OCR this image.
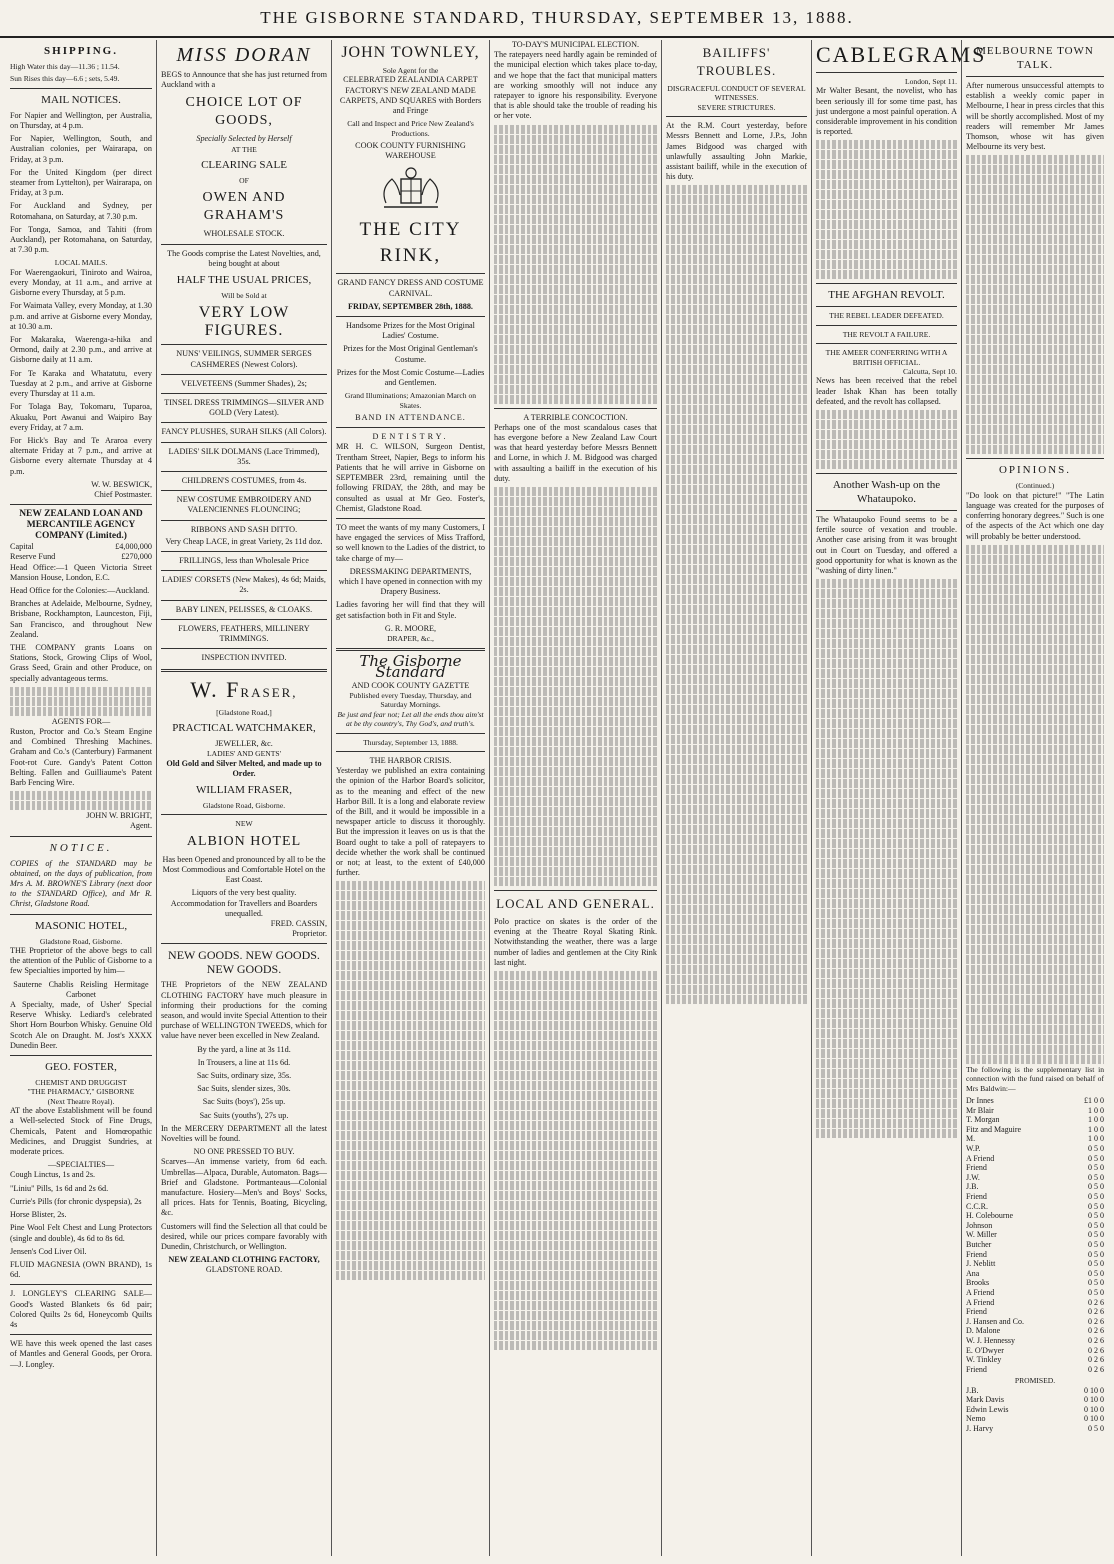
THE GISBORNE STANDARD, THURSDAY, SEPTEMBER 13, 1888.
SHIPPING.

High Water this day—11.36 ; 11.54.

Sun Rises this day—6.6 ; sets, 5.49.

MAIL NOTICES.

For Napier and Wellington, per Australia, on Thursday, at 4 p.m.

For Napier, Wellington, South, and Australian colonies, per Wairarapa, on Friday, at 3 p.m.

For the United Kingdom (per direct steamer from Lyttelton), per Wairarapa, on Friday, at 3 p.m.

For Auckland and Sydney, per Rotomahana, on Saturday, at 7.30 p.m.

For Tonga, Samoa, and Tahiti (from Auckland), per Rotomahana, on Saturday, at 7.30 p.m.

LOCAL MAILS.

For Waerengaokuri, Tiniroto and Wairoa, every Monday, at 11 a.m., and arrive at Gisborne every Thursday, at 5 p.m.

For Waimata Valley, every Monday, at 1.30 p.m. and arrive at Gisborne every Monday, at 10.30 a.m.

For Makaraka, Waerenga-a-hika and Ormond, daily at 2.30 p.m., and arrive at Gisborne daily at 11 a.m.

For Te Karaka and Whatatutu, every Tuesday at 2 p.m., and arrive at Gisborne every Thursday at 11 a.m.

For Tolaga Bay, Tokomaru, Tuparoa, Akuaku, Port Awanui and Waipiro Bay every Friday, at 7 a.m.

For Hick's Bay and Te Araroa every alternate Friday at 7 p.m., and arrive at Gisborne every alternate Thursday at 4 p.m.

W. W. BESWICK,
Chief Postmaster.
NEW ZEALAND LOAN AND MERCANTILE AGENCY COMPANY (Limited.)
Capital	£4,000,000
Reserve Fund	£270,000

Head Office:—1 Queen Victoria Street Mansion House, London, E.C.

Head Office for the Colonies:—Auckland.

Branches at Adelaide, Melbourne, Sydney, Brisbane, Rockhampton, Launceston, Fiji, San Francisco, and throughout New Zealand.

THE COMPANY grants Loans on Stations, Stock, Growing Clips of Wool, Grass Seed, Grain and other Produce, on specially advantageous terms.

AGENTS FOR—

Ruston, Proctor and Co.'s Steam Engine and Combined Threshing Machines. Graham and Co.'s (Canterbury) Farmanent Foot-rot Cure. Gandy's Patent Cotton Belting. Fallen and Guilliaume's Patent Barb Fencing Wire.

JOHN W. BRIGHT,
Agent.
NOTICE.

COPIES of the STANDARD may be obtained, on the days of publication, from Mrs A. M. BROWNE'S Library (next door to the STANDARD Office), and Mr R. Christ, Gladstone Road.

MASONIC HOTEL,
Gladstone Road, Gisborne.

THE Proprietor of the above begs to call the attention of the Public of Gisborne to a few Specialties imported by him—

Sauterne Chablis Reisling Hermitage
Carbonet

A Specialty, made, of Usher' Special Reserve Whisky. Lediard's celebrated Short Horn Bourbon Whisky. Genuine Old Scotch Ale on Draught. M. Jost's XXXX Dunedin Beer.

GEO. FOSTER,
CHEMIST AND DRUGGIST
"THE PHARMACY," GISBORNE
(Next Theatre Royal).

AT the above Establishment will be found a Well-selected Stock of Fine Drugs, Chemicals, Patent and Homœopathic Medicines, and Druggist Sundries, at moderate prices.

—SPECIALTIES—

Cough Linctus, 1s and 2s.

"Liniu" Pills, 1s 6d and 2s 6d.

Currie's Pills (for chronic dyspepsia), 2s

Horse Blister, 2s.

Pine Wool Felt Chest and Lung Protectors (single and double), 4s 6d to 8s 6d.

Jensen's Cod Liver Oil.

FLUID MAGNESIA (OWN BRAND), 1s 6d.

J. LONGLEY'S CLEARING SALE—Good's Wasted Blankets 6s 6d pair; Colored Quilts 2s 6d, Honeycomb Quilts 4s

WE have this week opened the last cases of Mantles and General Goods, per Orora.—J. Longley.

MISS DORAN

BEGS to Announce that she has just returned from Auckland with a

CHOICE LOT OF GOODS,
Specially Selected by Herself
AT THE
CLEARING SALE
OF
OWEN AND GRAHAM'S
WHOLESALE STOCK.

The Goods comprise the Latest Novelties, and, being bought at about

HALF THE USUAL PRICES,
Will be Sold at
VERY LOW FIGURES.
NUNS' VEILINGS, SUMMER SERGES CASHMERES (Newest Colors).
VELVETEENS (Summer Shades), 2s;
TINSEL DRESS TRIMMINGS—SILVER AND GOLD (Very Latest).
FANCY PLUSHES, SURAH SILKS (All Colors).
LADIES' SILK DOLMANS (Lace Trimmed), 35s.
CHILDREN'S COSTUMES, from 4s.
NEW COSTUME EMBROIDERY AND VALENCIENNES FLOUNCING;
RIBBONS AND SASH DITTO.
Very Cheap LACE, in great Variety, 2s 11d doz.
FRILLINGS, less than Wholesale Price
LADIES' CORSETS (New Makes), 4s 6d; Maids, 2s.
BABY LINEN, PELISSES, & CLOAKS.
FLOWERS, FEATHERS, MILLINERY TRIMMINGS.
INSPECTION INVITED.
W. FRASER,
[Gladstone Road,]
PRACTICAL WATCHMAKER,
JEWELLER, &c.
LADIES' AND GENTS'
Old Gold and Silver Melted, and made up to Order.
WILLIAM FRASER,
Gladstone Road, Gisborne.
NEW
ALBION HOTEL

Has been Opened and pronounced by all to be the Most Commodious and Comfortable Hotel on the East Coast.

Liquors of the very best quality.
Accommodation for Travellers and Boarders unequalled.
FRED. CASSIN,
Proprietor.
NEW GOODS. NEW GOODS. NEW GOODS.

THE Proprietors of the NEW ZEALAND CLOTHING FACTORY have much pleasure in informing their productions for the coming season, and would invite Special Attention to their purchase of WELLINGTON TWEEDS, which for value have never been excelled in New Zealand.

By the yard, a line at 3s 11d.

In Trousers, a line at 11s 6d.

Sac Suits, ordinary size, 35s.

Sac Suits, slender sizes, 30s.

Sac Suits (boys'), 25s up.

Sac Suits (youths'), 27s up.

In the MERCERY DEPARTMENT all the latest Novelties will be found.

NO ONE PRESSED TO BUY.

Scarves—An immense variety, from 6d each. Umbrellas—Alpaca, Durable, Automaton. Bags—Brief and Gladstone. Portmanteaus—Colonial manufacture. Hosiery—Men's and Boys' Socks, all prices. Hats for Tennis, Boating, Bicycling, &c.

Customers will find the Selection all that could be desired, while our prices compare favorably with Dunedin, Christchurch, or Wellington.

NEW ZEALAND CLOTHING FACTORY,
GLADSTONE ROAD.
JOHN TOWNLEY,
Sole Agent for the

CELEBRATED ZEALANDIA CARPET FACTORY'S NEW ZEALAND MADE CARPETS, AND SQUARES with Borders and Fringe

Call and Inspect and Price New Zealand's Productions.

COOK COUNTY FURNISHING WAREHOUSE
THE CITY RINK,

GRAND FANCY DRESS AND COSTUME CARNIVAL.

FRIDAY, SEPTEMBER 28th, 1888.

Handsome Prizes for the Most Original Ladies' Costume.

Prizes for the Most Original Gentleman's Costume.

Prizes for the Most Comic Costume—Ladies and Gentlemen.

Grand Illuminations; Amazonian March on Skates.

BAND IN ATTENDANCE.
DENTISTRY.

MR H. C. WILSON, Surgeon Dentist, Trentham Street, Napier, Begs to inform his Patients that he will arrive in Gisborne on SEPTEMBER 23rd, remaining until the following FRIDAY, the 28th, and may be consulted as usual at Mr Geo. Foster's, Chemist, Gladstone Road.

TO meet the wants of my many Customers, I have engaged the services of Miss Trafford, so well known to the Ladies of the district, to take charge of my—

DRESSMAKING DEPARTMENTS,

which I have opened in connection with my Drapery Business.

Ladies favoring her will find that they will get satisfaction both in Fit and Style.

G. R. MOORE,
DRAPER, &c.,
The Gisborne Standard
AND COOK COUNTY GAZETTE
Published every Tuesday, Thursday, and Saturday Mornings.
Be just and fear not; Let all the ends thou aim'st at be thy country's, Thy God's, and truth's.
Thursday, September 13, 1888.
THE HARBOR CRISIS.

Yesterday we published an extra containing the opinion of the Harbor Board's solicitor, as to the meaning and effect of the new Harbor Bill. It is a long and elaborate review of the Bill, and it would be impossible in a newspaper article to discuss it thoroughly. But the impression it leaves on us is that the Board ought to take a poll of ratepayers to decide whether the work shall be continued or not; at least, to the extent of £40,000 further.

TO-DAY'S MUNICIPAL ELECTION.

The ratepayers need hardly again be reminded of the municipal election which takes place to-day, and we hope that the fact that municipal matters are working smoothly will not induce any ratepayer to ignore his responsibility. Everyone that is able should take the trouble of reading his or her vote.

A TERRIBLE CONCOCTION.

Perhaps one of the most scandalous cases that has evergone before a New Zealand Law Court was that heard yesterday before Messrs Bennett and Lorne, in which J. M. Bidgood was charged with assaulting a bailiff in the execution of his duty.

LOCAL AND GENERAL.

Polo practice on skates is the order of the evening at the Theatre Royal Skating Rink. Notwithstanding the weather, there was a large number of ladies and gentlemen at the City Rink last night.

BAILIFFS' TROUBLES.
DISGRACEFUL CONDUCT OF SEVERAL WITNESSES.
SEVERE STRICTURES.

At the R.M. Court yesterday, before Messrs Bennett and Lorne, J.P.s, John James Bidgood was charged with unlawfully assaulting John Markie, assistant bailiff, while in the execution of his duty.

CABLEGRAMS
London, Sept 11.

Mr Walter Besant, the novelist, who has been seriously ill for some time past, has just undergone a most painful operation. A considerable improvement in his condition is reported.

THE AFGHAN REVOLT.
THE REBEL LEADER DEFEATED.
THE REVOLT A FAILURE.
THE AMEER CONFERRING WITH A BRITISH OFFICIAL.
Calcutta, Sept 10.

News has been received that the rebel leader Ishak Khan has been totally defeated, and the revolt has collapsed.

Another Wash-up on the Whataupoko.

The Whataupoko Found seems to be a fertile source of vexation and trouble. Another case arising from it was brought out in Court on Tuesday, and offered a good opportunity for what is known as the "washing of dirty linen."

MELBOURNE TOWN TALK.

After numerous unsuccessful attempts to establish a weekly comic paper in Melbourne, I hear in press circles that this will be shortly accomplished. Most of my readers will remember Mr James Thomson, whose wit has given Melbourne its very best.

OPINIONS.
(Continued.)

"Do look on that picture!" "The Latin language was created for the purposes of conferring honorary degrees." Such is one of the aspects of the Act which one day will probably be better understood.

The following is the supplementary list in connection with the fund raised on behalf of Mrs Baldwin:—

Dr Innes	£1 0 0
Mr Blair	1 0 0
T. Morgan	1 0 0
Fitz and Maguire	1 0 0
M.	1 0 0
W.P.	0 5 0
A Friend	0 5 0
Friend	0 5 0
J.W.	0 5 0
J.B.	0 5 0
Friend	0 5 0
C.C.R.	0 5 0
H. Colebourne	0 5 0
Johnson	0 5 0
W. Miller	0 5 0
Butcher	0 5 0
Friend	0 5 0
J. Neblitt	0 5 0
Ana	0 5 0
Brooks	0 5 0
A Friend	0 5 0
A Friend	0 2 6
Friend	0 2 6
J. Hansen and Co.	0 2 6
D. Malone	0 2 6
W. J. Hennessy	0 2 6
E. O'Dwyer	0 2 6
W. Tinkley	0 2 6
Friend	0 2 6
PROMISED.
J.B.	0 10 0
Mark Davis	0 10 0
Edwin Lewis	0 10 0
Nemo	0 10 0
J. Harvy	0 5 0
